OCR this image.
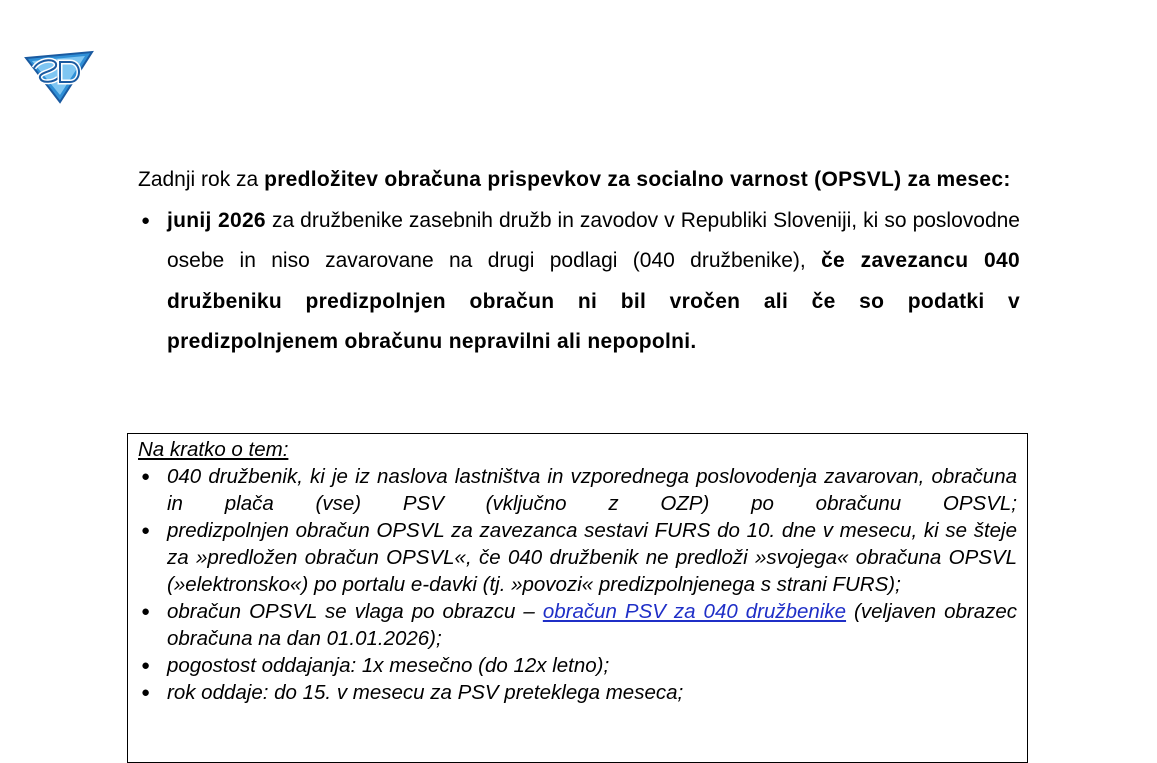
Zadnji rok za predložitev obračuna prispevkov za socialno varnost (OPSVL) za mesec:

● junij 2026 za družbenike zasebnih družb in zavodov v Republiki Sloveniji, ki so poslovodne osebe in niso zavarovane na drugi podlagi (040 družbenike), če zavezancu 040 družbeniku predizpolnjen obračun ni bil vročen ali če so podatki v predizpolnjenem obračunu nepravilni ali nepopolni.

Na kratko o tem:

● 040 družbenik, ki je iz naslova lastništva in vzporednega poslovodenja zavarovan, obračuna in plača (vse) PSV (vključno z OZP) po obračunu OPSVL;
● predizpolnjen obračun OPSVL za zavezanca sestavi FURS do 10. dne v mesecu, ki se šteje za »predložen obračun OPSVL«, če 040 družbenik ne predloži »svojega« obračuna OPSVL (»elektronsko«) po portalu e-davki (tj. »povozi« predizpolnjenega s strani FURS);
● obračun OPSVL se vlaga po obrazcu – obračun PSV za 040 družbenike (veljaven obrazec obračuna na dan 01.01.2026);
● pogostost oddajanja: 1x mesečno (do 12x letno);
● rok oddaje: do 15. v mesecu za PSV preteklega meseca;
